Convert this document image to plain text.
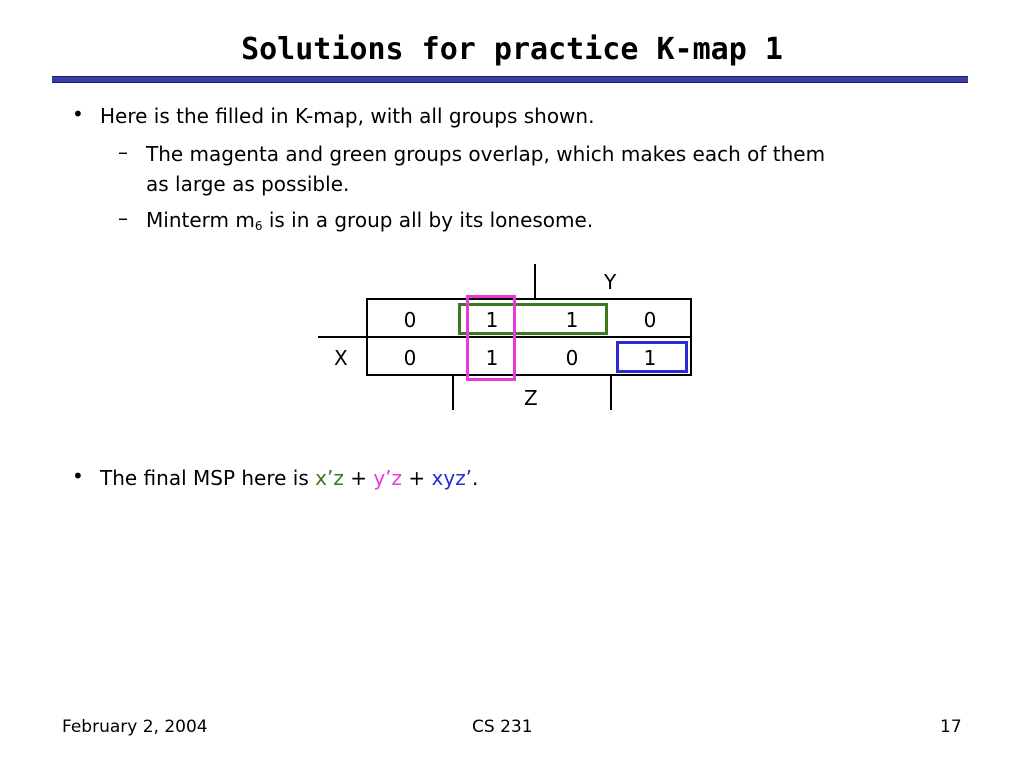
Solutions for practice K-map 1
• Here is the filled in K-map, with all groups shown.
– The magenta and green groups overlap, which makes each of them
as large as possible.
– Minterm $m_6$ is in a group all by its lonesome.
Y
0	1	1	0
X	0	1	0	1
Z
• The final MSP here is x’z + y’z + xyz’.
February 2, 2004	CS 231	17
